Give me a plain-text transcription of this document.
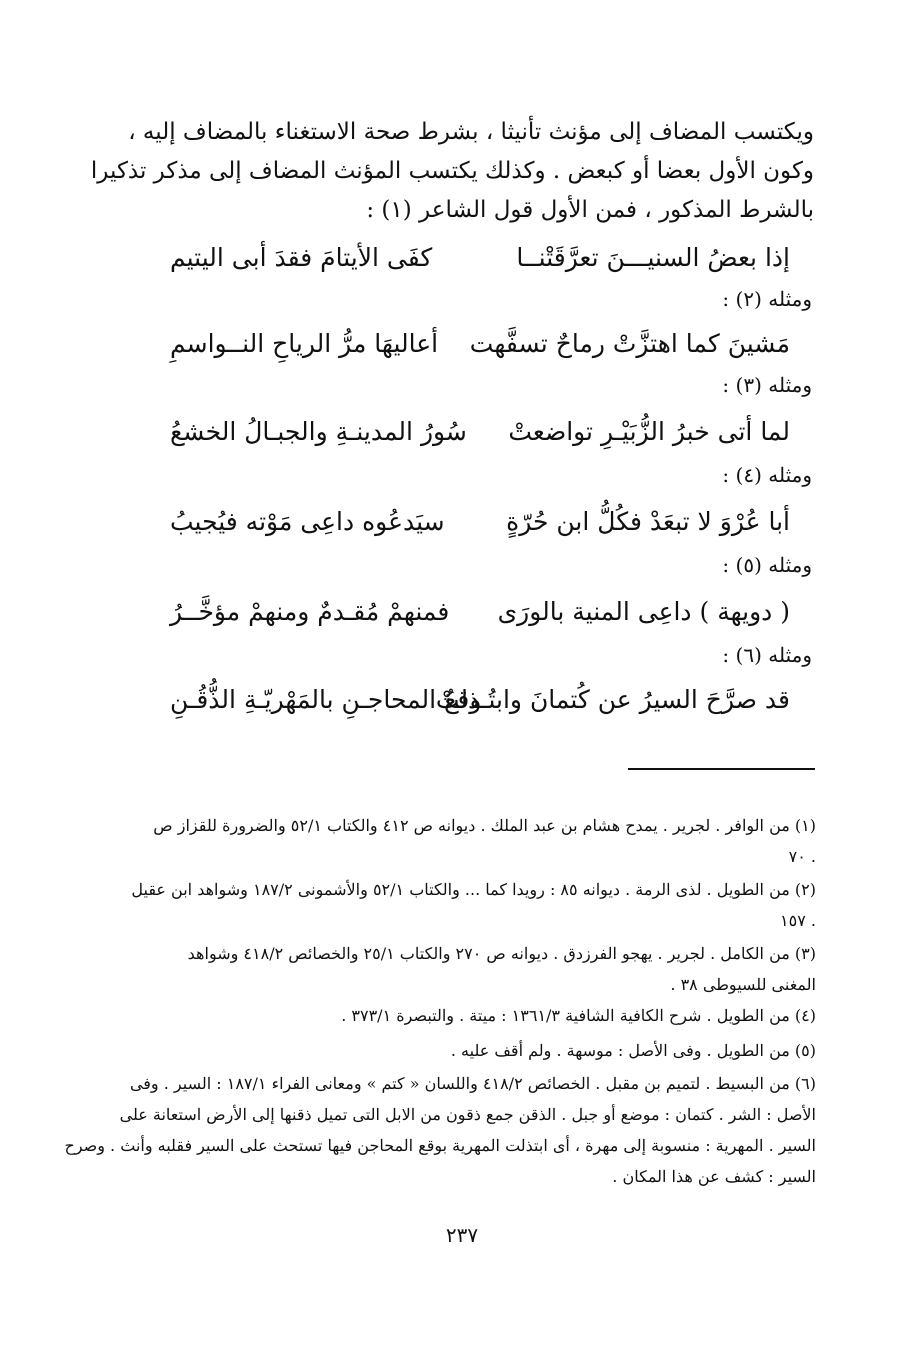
ويكتسب المضاف إلى مؤنث تأنيثا ، بشرط صحة الاستغناء بالمضاف إليه ،
وكون الأول بعضا أو كبعض . وكذلك يكتسب المؤنث المضاف إلى مذكر تذكيرا
بالشرط المذكور ، فمن الأول قول الشاعر (١) :
إذا بعضُ السنيـــنَ تعرَّقَتْنــا
كفَى الأيتامَ فقدَ أبى اليتيم
ومثله (٢) :
مَشينَ كما اهتزَّتْ رماحٌ تسفَّهت
أعاليهَا مرُّ الرياحِ النــواسمِ
ومثله (٣) :
لما أتى خبرُ الزُّبَيْـرِ تواضعتْ
سُورُ المدينـةِ والجبـالُ الخشعُ
ومثله (٤) :
أبا عُرْوَ لا تبعَدْ فكُلُّ ابن حُرّةٍ
سيَدعُوه داعِى مَوْته فيُجيبُ
ومثله (٥) :
( دويهة ) داعِى المنية بالورَى
فمنهمْ مُقـدمٌ ومنهمْ مؤخَّــرُ
ومثله (٦) :
قد صرَّحَ السيرُ عن كُتمانَ وابتُـذلتْ
وقعُ المحاجـنِ بالمَهْريّـةِ الذُّقُـنِ
(١) من الوافر . لجرير . يمدح هشام بن عبد الملك . ديوانه ص ٤١٢ والكتاب ٥٢/١ والضرورة للقزاز ص
. ٧٠
(٢) من الطويل . لذى الرمة . ديوانه ٨٥ : رويدا كما ... والكتاب ٥٢/١ والأشمونى ١٨٧/٢ وشواهد ابن عقيل
. ١٥٧
(٣) من الكامل . لجرير . يهجو الفرزدق . ديوانه ص ٢٧٠ والكتاب ٢٥/١ والخصائص ٤١٨/٢ وشواهد
المغنى للسيوطى ٣٨ .
(٤) من الطويل . شرح الكافية الشافية ١٣٦١/٣ : ميتة . والتبصرة ٣٧٣/١ .
(٥) من الطويل . وفى الأصل : موسهة . ولم أقف عليه .
(٦) من البسيط . لتميم بن مقبل . الخصائص ٤١٨/٢ واللسان « كتم » ومعانى الفراء ١٨٧/١ : السير . وفى
الأصل : الشر . كتمان : موضع أو جبل . الذقن جمع ذقون من الابل التى تميل ذقنها إلى الأرض استعانة على
السير . المهرية : منسوبة إلى مهرة ، أى ابتذلت المهرية بوقع المحاجن فيها تستحث على السير فقلبه وأنث . وصرح
السير : كشف عن هذا المكان .
٢٣٧
